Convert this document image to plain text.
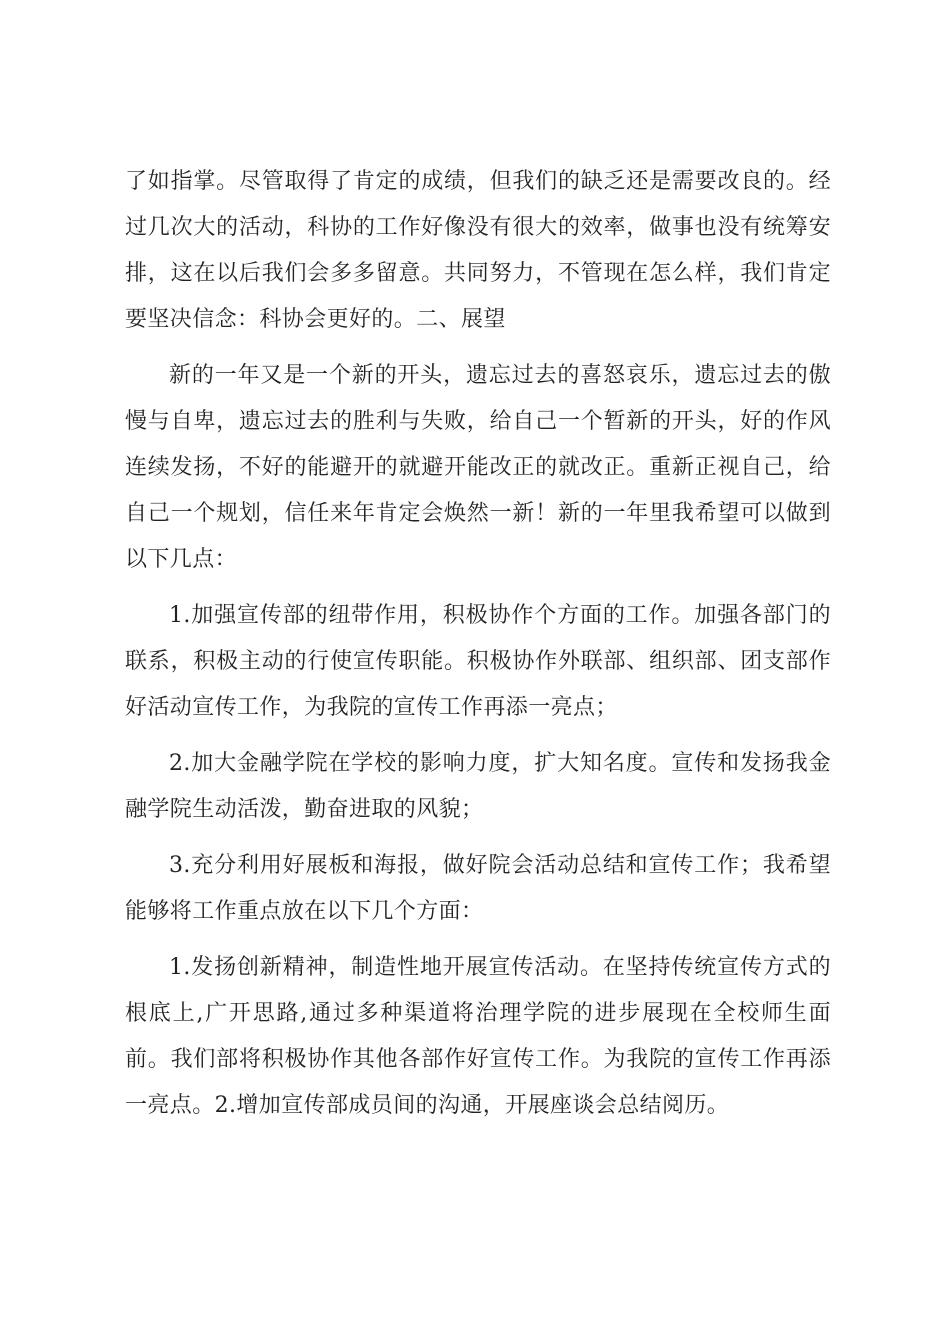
了如指掌。尽管取得了肯定的成绩，但我们的缺乏还是需要改良的。经过几次大的活动，科协的工作好像没有很大的效率，做事也没有统筹安排，这在以后我们会多多留意。共同努力，不管现在怎么样，我们肯定要坚决信念：科协会更好的。二、展望

新的一年又是一个新的开头，遗忘过去的喜怒哀乐，遗忘过去的傲慢与自卑，遗忘过去的胜利与失败，给自己一个暂新的开头，好的作风连续发扬，不好的能避开的就避开能改正的就改正。重新正视自己，给自己一个规划，信任来年肯定会焕然一新！新的一年里我希望可以做到以下几点：

1.加强宣传部的纽带作用，积极协作个方面的工作。加强各部门的联系，积极主动的行使宣传职能。积极协作外联部、组织部、团支部作好活动宣传工作，为我院的宣传工作再添一亮点；

2.加大金融学院在学校的影响力度，扩大知名度。宣传和发扬我金融学院生动活泼，勤奋进取的风貌；

3.充分利用好展板和海报，做好院会活动总结和宣传工作；我希望能够将工作重点放在以下几个方面：

1.发扬创新精神，制造性地开展宣传活动。在坚持传统宣传方式的根底上,广开思路,通过多种渠道将治理学院的进步展现在全校师生面前。我们部将积极协作其他各部作好宣传工作。为我院的宣传工作再添一亮点。2.增加宣传部成员间的沟通，开展座谈会总结阅历。
